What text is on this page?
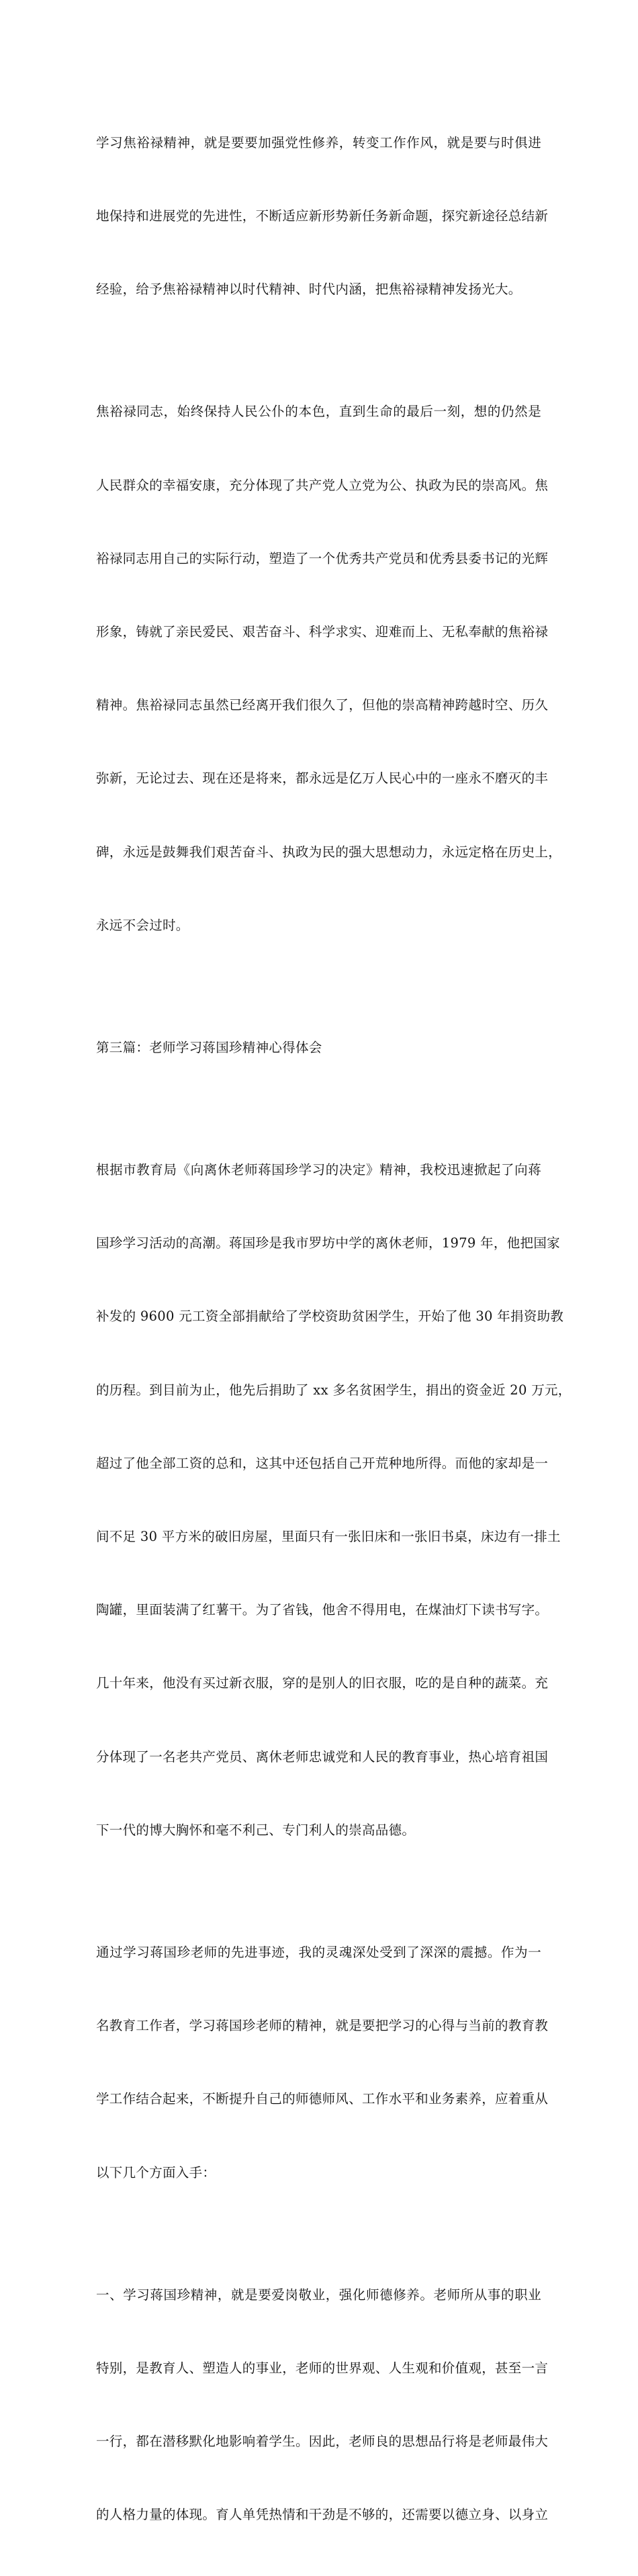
学习焦裕禄精神，就是要要加强党性修养，转变工作作风，就是要与时俱进

地保持和进展党的先进性，不断适应新形势新任务新命题，探究新途径总结新

经验，给予焦裕禄精神以时代精神、时代内涵，把焦裕禄精神发扬光大。

焦裕禄同志，始终保持人民公仆的本色，直到生命的最后一刻，想的仍然是

人民群众的幸福安康，充分体现了共产党人立党为公、执政为民的崇高风。焦

裕禄同志用自己的实际行动，塑造了一个优秀共产党员和优秀县委书记的光辉

形象，铸就了亲民爱民、艰苦奋斗、科学求实、迎难而上、无私奉献的焦裕禄

精神。焦裕禄同志虽然已经离开我们很久了，但他的崇高精神跨越时空、历久

弥新，无论过去、现在还是将来，都永远是亿万人民心中的一座永不磨灭的丰

碑，永远是鼓舞我们艰苦奋斗、执政为民的强大思想动力，永远定格在历史上，

永远不会过时。

第三篇：老师学习蒋国珍精神心得体会

根据市教育局《向离休老师蒋国珍学习的决定》精神，我校迅速掀起了向蒋

国珍学习活动的高潮。蒋国珍是我市罗坊中学的离休老师，1979 年，他把国家

补发的 9600 元工资全部捐献给了学校资助贫困学生，开始了他 30 年捐资助教

的历程。到目前为止，他先后捐助了 xx 多名贫困学生，捐出的资金近 20 万元，

超过了他全部工资的总和，这其中还包括自己开荒种地所得。而他的家却是一

间不足 30 平方米的破旧房屋，里面只有一张旧床和一张旧书桌，床边有一排土

陶罐，里面装满了红薯干。为了省钱，他舍不得用电，在煤油灯下读书写字。

几十年来，他没有买过新衣服，穿的是别人的旧衣服，吃的是自种的蔬菜。充

分体现了一名老共产党员、离休老师忠诚党和人民的教育事业，热心培育祖国

下一代的博大胸怀和毫不利己、专门利人的崇高品德。

通过学习蒋国珍老师的先进事迹，我的灵魂深处受到了深深的震撼。作为一

名教育工作者，学习蒋国珍老师的精神，就是要把学习的心得与当前的教育教

学工作结合起来，不断提升自己的师德师风、工作水平和业务素养，应着重从

以下几个方面入手：

一、学习蒋国珍精神，就是要爱岗敬业，强化师德修养。老师所从事的职业

特别，是教育人、塑造人的事业，老师的世界观、人生观和价值观，甚至一言

一行，都在潜移默化地影响着学生。因此，老师良的思想品行将是老师最伟大

的人格力量的体现。育人单凭热情和干劲是不够的，还需要以德立身、以身立
